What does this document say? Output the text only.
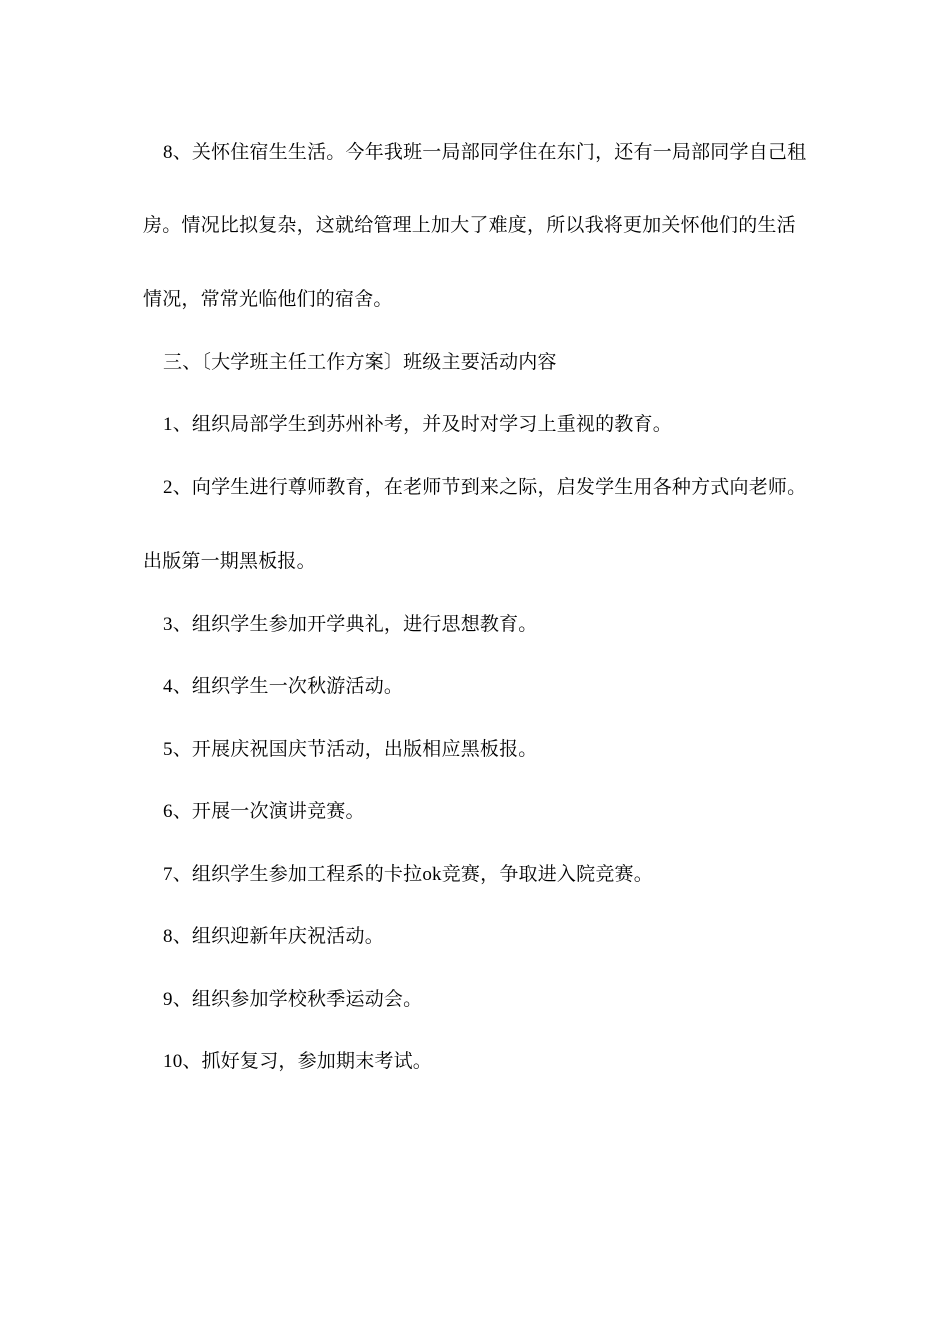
8、关怀住宿生生活。今年我班一局部同学住在东门，还有一局部同学自己租
房。情况比拟复杂，这就给管理上加大了难度，所以我将更加关怀他们的生活
情况，常常光临他们的宿舍。
三、〔大学班主任工作方案〕班级主要活动内容
1、组织局部学生到苏州补考，并及时对学习上重视的教育。
2、向学生进行尊师教育，在老师节到来之际，启发学生用各种方式向老师。
出版第一期黑板报。
3、组织学生参加开学典礼，进行思想教育。
4、组织学生一次秋游活动。
5、开展庆祝国庆节活动，出版相应黑板报。
6、开展一次演讲竞赛。
7、组织学生参加工程系的卡拉ok竞赛，争取进入院竞赛。
8、组织迎新年庆祝活动。
9、组织参加学校秋季运动会。
10、抓好复习，参加期末考试。
